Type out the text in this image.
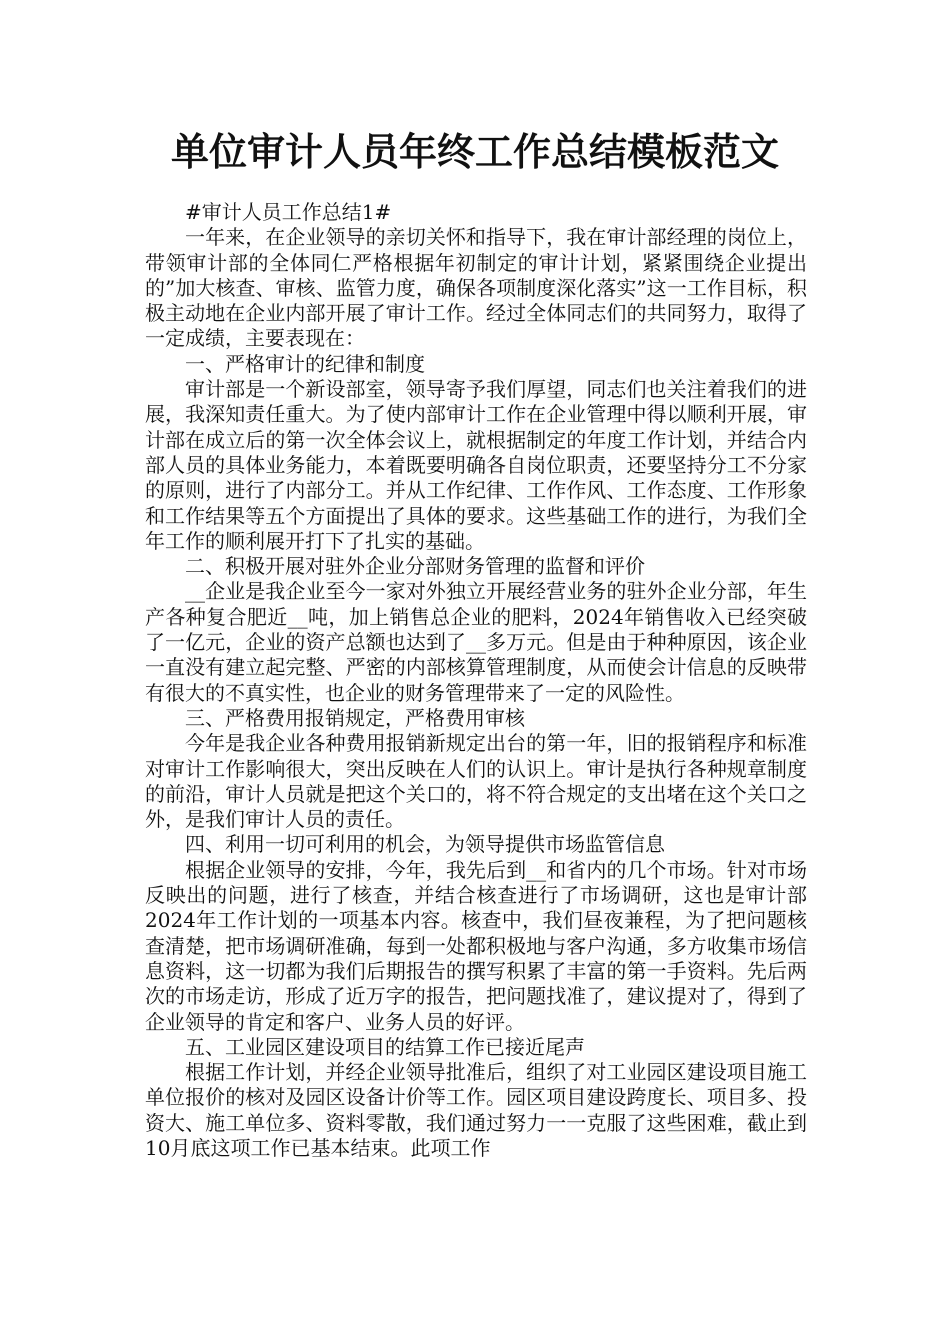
单位审计人员年终工作总结模板范文

#审计人员工作总结1#

一年来，在企业领导的亲切关怀和指导下，我在审计部经理的岗位上，带领审计部的全体同仁严格根据年初制定的审计计划，紧紧围绕企业提出的”加大核查、审核、监管力度，确保各项制度深化落实”这一工作目标，积极主动地在企业内部开展了审计工作。经过全体同志们的共同努力，取得了一定成绩，主要表现在：

一、严格审计的纪律和制度

审计部是一个新设部室，领导寄予我们厚望，同志们也关注着我们的进展，我深知责任重大。为了使内部审计工作在企业管理中得以顺利开展，审计部在成立后的第一次全体会议上，就根据制定的年度工作计划，并结合内部人员的具体业务能力，本着既要明确各自岗位职责，还要坚持分工不分家的原则，进行了内部分工。并从工作纪律、工作作风、工作态度、工作形象和工作结果等五个方面提出了具体的要求。这些基础工作的进行，为我们全年工作的顺利展开打下了扎实的基础。

二、积极开展对驻外企业分部财务管理的监督和评价

__企业是我企业至今一家对外独立开展经营业务的驻外企业分部，年生产各种复合肥近__吨，加上销售总企业的肥料，2024年销售收入已经突破了一亿元，企业的资产总额也达到了__多万元。但是由于种种原因，该企业一直没有建立起完整、严密的内部核算管理制度，从而使会计信息的反映带有很大的不真实性，也企业的财务管理带来了一定的风险性。

三、严格费用报销规定，严格费用审核

今年是我企业各种费用报销新规定出台的第一年，旧的报销程序和标准对审计工作影响很大，突出反映在人们的认识上。审计是执行各种规章制度的前沿，审计人员就是把这个关口的，将不符合规定的支出堵在这个关口之外，是我们审计人员的责任。

四、利用一切可利用的机会，为领导提供市场监管信息

根据企业领导的安排，今年，我先后到__和省内的几个市场。针对市场反映出的问题，进行了核查，并结合核查进行了市场调研，这也是审计部2024年工作计划的一项基本内容。核查中，我们昼夜兼程，为了把问题核查清楚，把市场调研准确，每到一处都积极地与客户沟通，多方收集市场信息资料，这一切都为我们后期报告的撰写积累了丰富的第一手资料。先后两次的市场走访，形成了近万字的报告，把问题找准了，建议提对了，得到了企业领导的肯定和客户、业务人员的好评。

五、工业园区建设项目的结算工作已接近尾声

根据工作计划，并经企业领导批准后，组织了对工业园区建设项目施工单位报价的核对及园区设备计价等工作。园区项目建设跨度长、项目多、投资大、施工单位多、资料零散，我们通过努力一一克服了这些困难，截止到10月底这项工作已基本结束。此项工作
